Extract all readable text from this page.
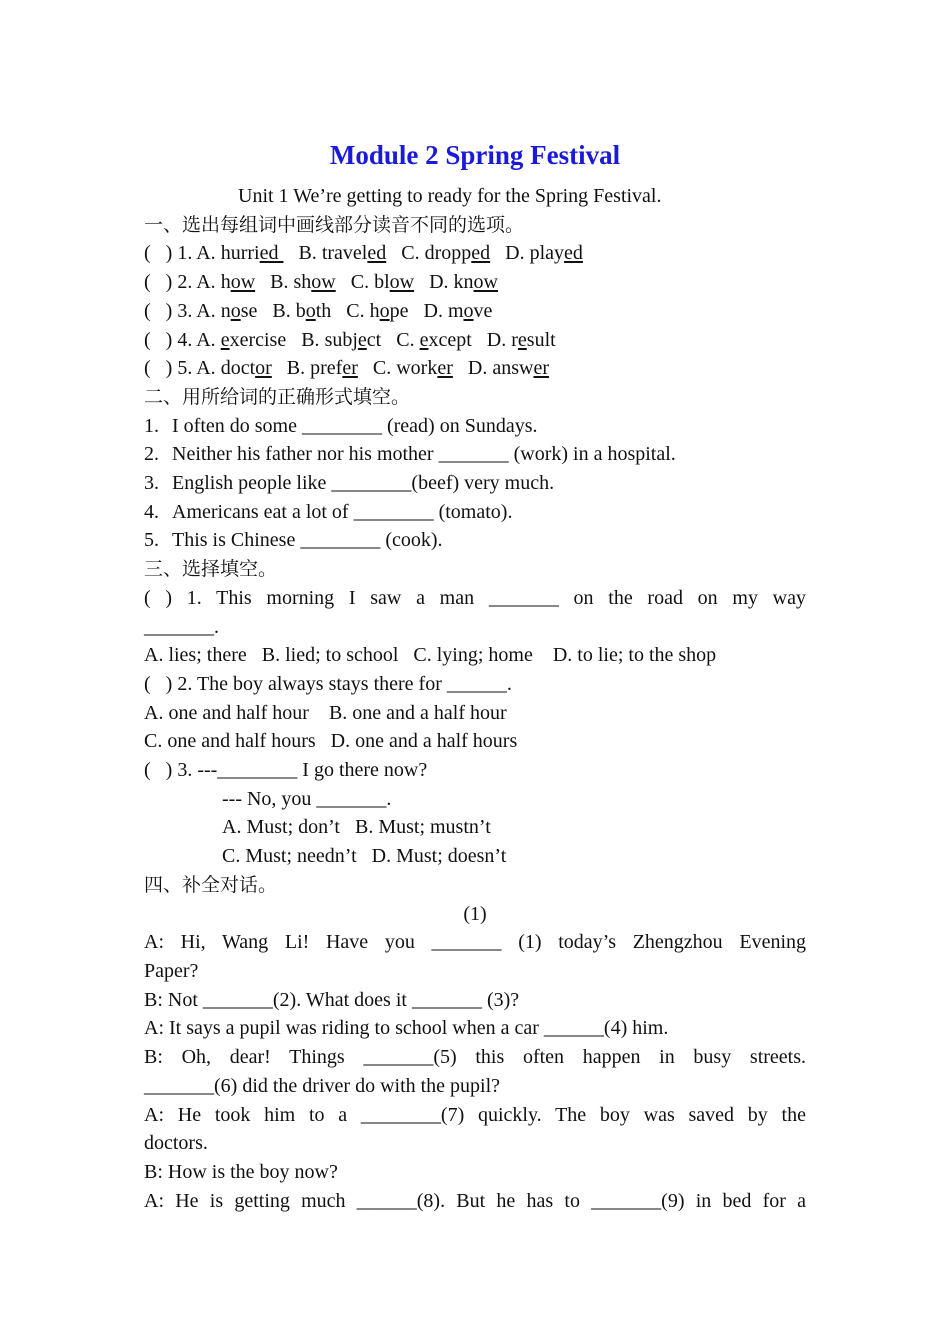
Module 2 Spring Festival
Unit 1 We’re getting to ready for the Spring Festival.
一、选出每组词中画线部分读音不同的选项。
(   ) 1. A. hurried    B. traveled C. dropped D. played
(   ) 2. A. how B. show C. blow D. know
(   ) 3. A. nose B. both C. hope D. move
(   ) 4. A. exercise B. subject C. except D. result
(   ) 5. A. doctor B. prefer C. worker D. answer
二、用所给词的正确形式填空。
1. I often do some ________ (read) on Sundays.
2. Neither his father nor his mother _______ (work) in a hospital.
3. English people like ________(beef) very much.
4. Americans eat a lot of ________ (tomato).
5. This is Chinese ________ (cook).
三、选择填空。
( ) 1. This morning I saw a man _______ on the road on my way
_______.
A. lies; there   B. lied; to school   C. lying; home    D. to lie; to the shop
(   ) 2. The boy always stays there for ______.
A. one and half hour    B. one and a half hour
C. one and half hours   D. one and a half hours
(   ) 3. ---________ I go there now?
--- No, you _______.
A. Must; don’t   B. Must; mustn’t
C. Must; needn’t   D. Must; doesn’t
四、补全对话。
(1)
A: Hi, Wang Li! Have you _______ (1) today’s Zhengzhou Evening
Paper?
B: Not _______(2). What does it _______ (3)?
A: It says a pupil was riding to school when a car ______(4) him.
B: Oh, dear! Things _______(5) this often happen in busy streets.
_______(6) did the driver do with the pupil?
A: He took him to a ________(7) quickly. The boy was saved by the
doctors.
B: How is the boy now?
A: He is getting much ______(8). But he has to _______(9) in bed for a
